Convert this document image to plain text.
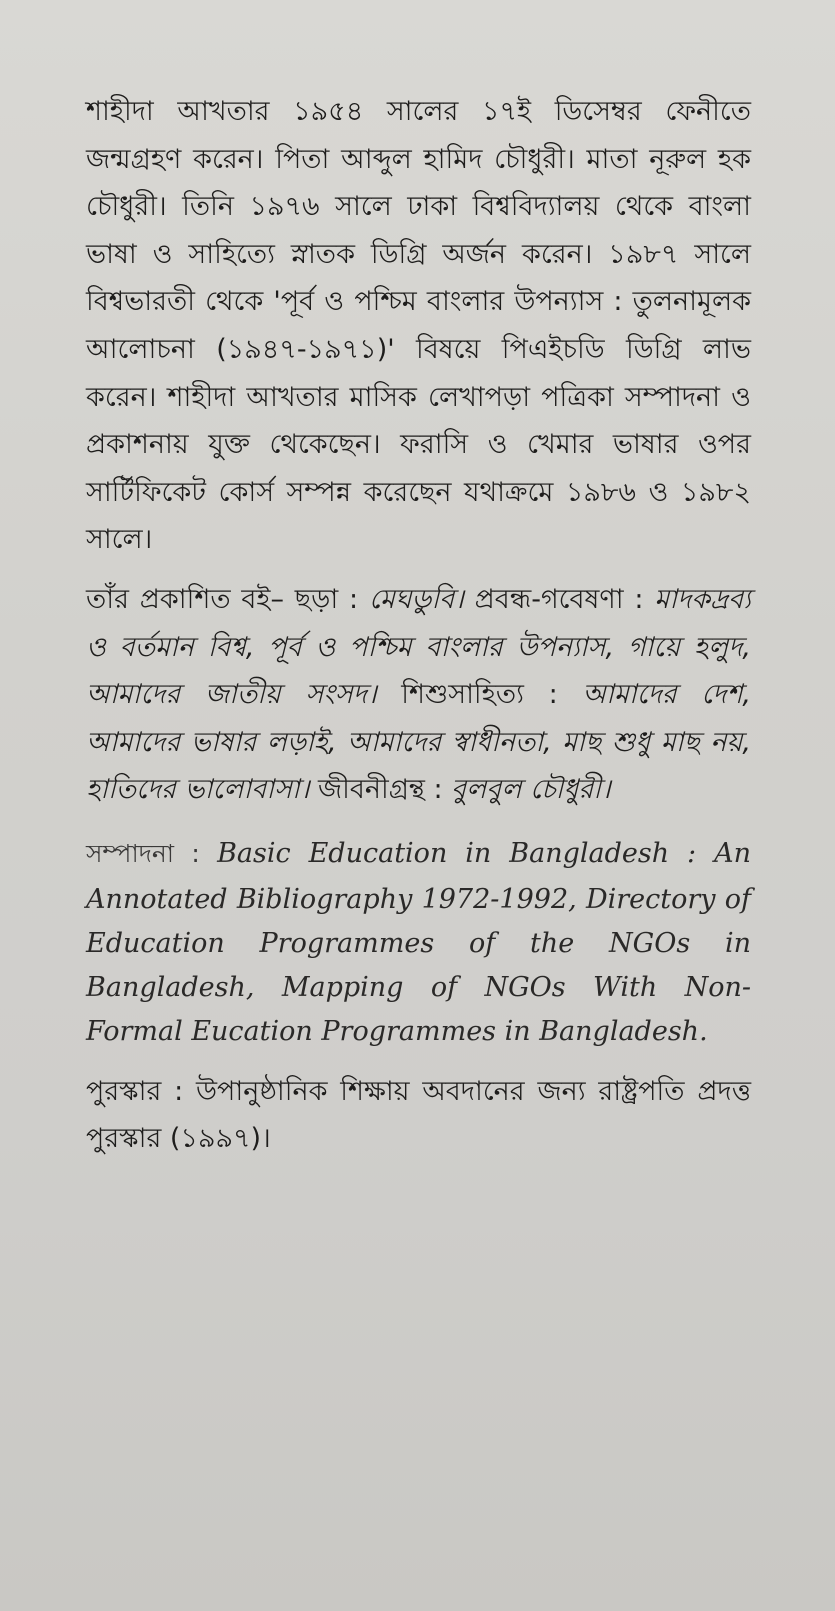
শাহীদা আখতার ১৯৫৪ সালের ১৭ই ডিসেম্বর ফেনীতে জন্মগ্রহণ করেন। পিতা আব্দুল হামিদ চৌধুরী। মাতা নূরুল হক চৌধুরী। তিনি ১৯৭৬ সালে ঢাকা বিশ্ববিদ্যালয় থেকে বাংলা ভাষা ও সাহিত্যে স্নাতক ডিগ্রি অর্জন করেন। ১৯৮৭ সালে বিশ্বভারতী থেকে 'পূর্ব ও পশ্চিম বাংলার উপন্যাস : তুলনামূলক আলোচনা (১৯৪৭-১৯৭১)' বিষয়ে পিএইচডি ডিগ্রি লাভ করেন। শাহীদা আখতার মাসিক লেখাপড়া পত্রিকা সম্পাদনা ও প্রকাশনায় যুক্ত থেকেছেন। ফরাসি ও খেমার ভাষার ওপর সার্টিফিকেট কোর্স সম্পন্ন করেছেন যথাক্রমে ১৯৮৬ ও ১৯৮২ সালে।

তাঁর প্রকাশিত বই– ছড়া : মেঘডুবি। প্রবন্ধ-গবেষণা : মাদকদ্রব্য ও বর্তমান বিশ্ব, পূর্ব ও পশ্চিম বাংলার উপন্যাস, গায়ে হলুদ, আমাদের জাতীয় সংসদ। শিশুসাহিত্য : আমাদের দেশ, আমাদের ভাষার লড়াই, আমাদের স্বাধীনতা, মাছ শুধু মাছ নয়, হাতিদের ভালোবাসা। জীবনীগ্রন্থ : বুলবুল চৌধুরী।

সম্পাদনা : Basic Education in Bangladesh : An Annotated Bibliography 1972-1992, Directory of Education Programmes of the NGOs in Bangladesh, Mapping of NGOs With Non-Formal Eucation Programmes in Bangladesh.

পুরস্কার : উপানুষ্ঠানিক শিক্ষায় অবদানের জন্য রাষ্ট্রপতি প্রদত্ত পুরস্কার (১৯৯৭)।
